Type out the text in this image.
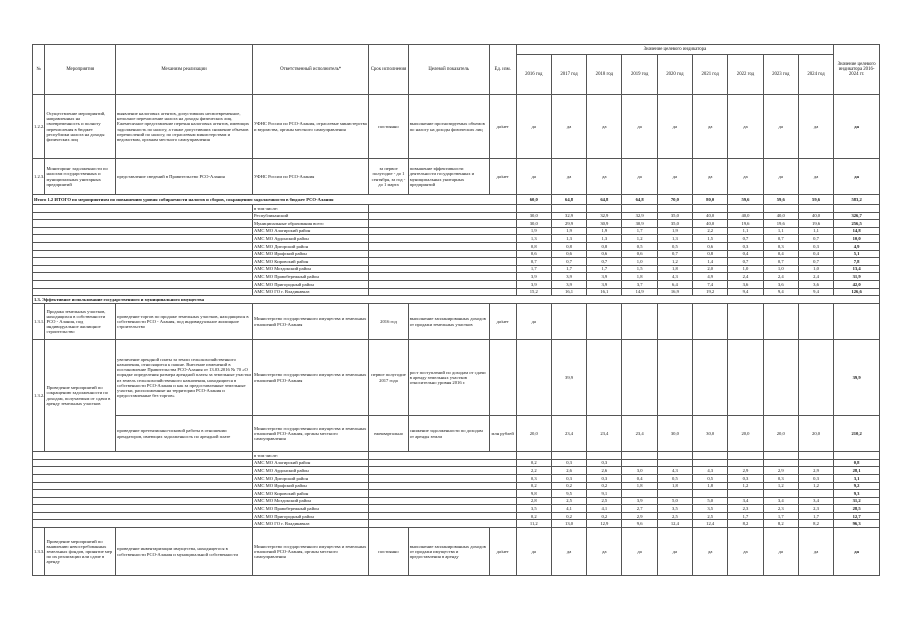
№	Мероприятия	Механизм реализации	Ответственный исполнитель*	Срок исполнения	Целевой показатель	Ед. изм.	Значение целевого индикатора									Значение целевого индикатора 2016-2024 гг.
							2016 год	2017 год	2018 год	2019 год	2020 год	2021 год	2022 год	2023 год	2024 год	
1.2.2.	Осуществление мероприятий, направленных на своевременность и полноту перечисления в бюджет республики налога на доходы физических лиц	выявление налоговых агентов, допустивших несвоевременное, неполное перечисление налога на доходы физических лиц. Ежемесячное представление перечня налоговых агентов, имеющих задолженность по налогу, а также допустивших снижение объемов перечислений по налогу, по отраслевым министерствам и ведомствам, органам местного самоуправления	УФНС России по РСО-Алания, отраслевые министерства и ведомства, органы местного самоуправления	постоянно	выполнение прогнозируемых объемов по налогу на доходы физических лиц	да/нет	да	да	да	да	да	да	да	да	да	да
1.2.3.	Мониторинг задолженности по налогам государственных и муниципальных унитарных предприятий	представление сведений в Правительство РСО-Алания	УФНС России по РСО-Алания	за первое полугодие - до 1 сентября, за год - до 1 марта	повышение эффективности деятельности государственных и муниципальных унитарных предприятий	да/нет	да	да	да	да	да	да	да	да	да	да
Итого 1.2 ИТОГО по мероприятиям по повышению уровня собираемости налогов и сборов, сокращению задолженности в бюджет РСО-Алания							60,0	64,8	64,8	64,8	70,0	80,0	59,6	59,6	59,6	583,2
			в том числе:													
			Республиканский				30,0	32,9	32,9	32,9	35,0	40,0	40,0	40,0	40,0	326,7
			Муниципальные образования всего				30,0	29,9	30,9	30,9	35,0	40,0	19,6	19,6	19,6	256,5
			АМС МО Алагирский район				1,9	1,9	1,9	1,7	1,9	2,2	1,1	1,1	1,1	14,8
			АМС МО Ардонский район				1,3	1,3	1,3	1,2	1,3	1,5	0,7	0,7	0,7	10,0
			АМС МО Дигорский район				0,8	0,8	0,8	0,5	0,5	0,6	0,3	0,3	0,3	4,9
			АМС МО Ирафский район				0,6	0,6	0,6	0,6	0,7	0,8	0,4	0,4	0,4	5,1
			АМС МО Кировский район				0,7	0,7	0,7	1,0	1,2	1,4	0,7	0,7	0,7	7,8
			АМС МО Моздокский район				1,7	1,7	1,7	1,5	1,8	2,0	1,0	1,0	1,0	13,4
			АМС МО Правобережный район				3,9	3,9	3,9	1,8	4,3	4,9	2,4	2,4	2,4	31,9
			АМС МО Пригородный район				3,9	3,9	3,9	3,7	6,4	7,4	3,6	3,6	3,6	42,0
			АМС МО ГО г. Владикавказ				15,2	16,1	16,1	14,9	16,9	19,2	9,4	9,4	9,4	126,6
1.3. Эффективное использование государственного и муниципального имущества																
1.3.1.	Продажа земельных участков, находящихся в собственности РСО - Алания, под индивидуальное жилищное строительство	проведение торгов по продаже земельных участков, находящихся в собственности РСО - Алания, под индивидуальное жилищное строительство	Министерство государственного имущества и земельных отношений РСО-Алания	2016 год	выполнение запланированных доходов от продажи земельных участков	да/нет	да									
1.3.2.	Проведение мероприятий по сокращению задолженности по доходам, получаемым от сдачи в аренду земельных участков	увеличение арендной платы за земли сельскохозяйственного назначения, относящиеся к пашне. Внесение изменений в постановление Правительства РСО-Алания от 13.03.2016 № 70 «О порядке определения размера арендной платы за земельные участки из земель сельскохозяйственного назначения, находящиеся в собственности РСО-Алания и как за предоставленные земельные участки, расположенные на территории РСО-Алания и предоставленные без торгов»	Министерство государственного имущества и земельных отношений РСО-Алания	первое полугодие 2017 года	рост поступлений по доходам от сдачи в аренду земельных участков относительно уровня 2016 г.			39,9								39,9
		проведение претензионно-исковой работы в отношении арендаторов, имеющих задолженность по арендной плате	Министерство государственного имущества и земельных отношений РСО-Алания, органы местного самоуправления	ежеквартально	снижение задолженности по доходам от аренды земли	млн рублей	20,0	23,4	23,4	23,4	30,0	30,0	20,0	20,0	20,0	210,2
			в том числе:													
			АМС МО Алагирский район				0,2	0,3	0,3							0,8
			АМС МО Ардонский район				2,2	2,6	2,6	3,0	4,3	4,3	2,9	2,9	2,9	28,1
			АМС МО Дигорский район				0,3	0,3	0,3	0,4	0,5	0,5	0,3	0,3	0,3	3,1
			АМС МО Ирафский район				0,2	0,2	0,2	1,8	1,8	1,8	1,2	1,2	1,2	9,2
			АМС МО Кировский район				9,8	9,5	9,1							9,3
			АМС МО Моздокский район				2,8	2,5	2,5	3,9	5,0	5,0	3,4	3,4	3,4	31,2
			АМС МО Правобережный район				3,5	4,1	4,1	2,7	3,5	3,5	2,3	2,3	2,3	28,5
			АМС МО Пригородный район				0,2	0,2	0,2	2,9	2,5	2,5	1,7	1,7	1,7	12,7
			АМС МО ГО г. Владикавказ				11,2	13,0	12,9	9,6	12,4	12,4	8,2	8,2	8,2	96,3
1.3.3.	Проведение мероприятий по выявлению невостребованных земельных фондов, принятие мер по их реализации или сдаче в аренду	проведение инвентаризации имущества, находящегося в собственности РСО-Алания и муниципальной собственности	Министерство государственного имущества и земельных отношений РСО-Алания, органы местного самоуправления	постоянно	выполнение запланированных доходов от продажи имущества и предоставления в аренду	да/нет	да	да	да	да	да	да	да	да	да	да
